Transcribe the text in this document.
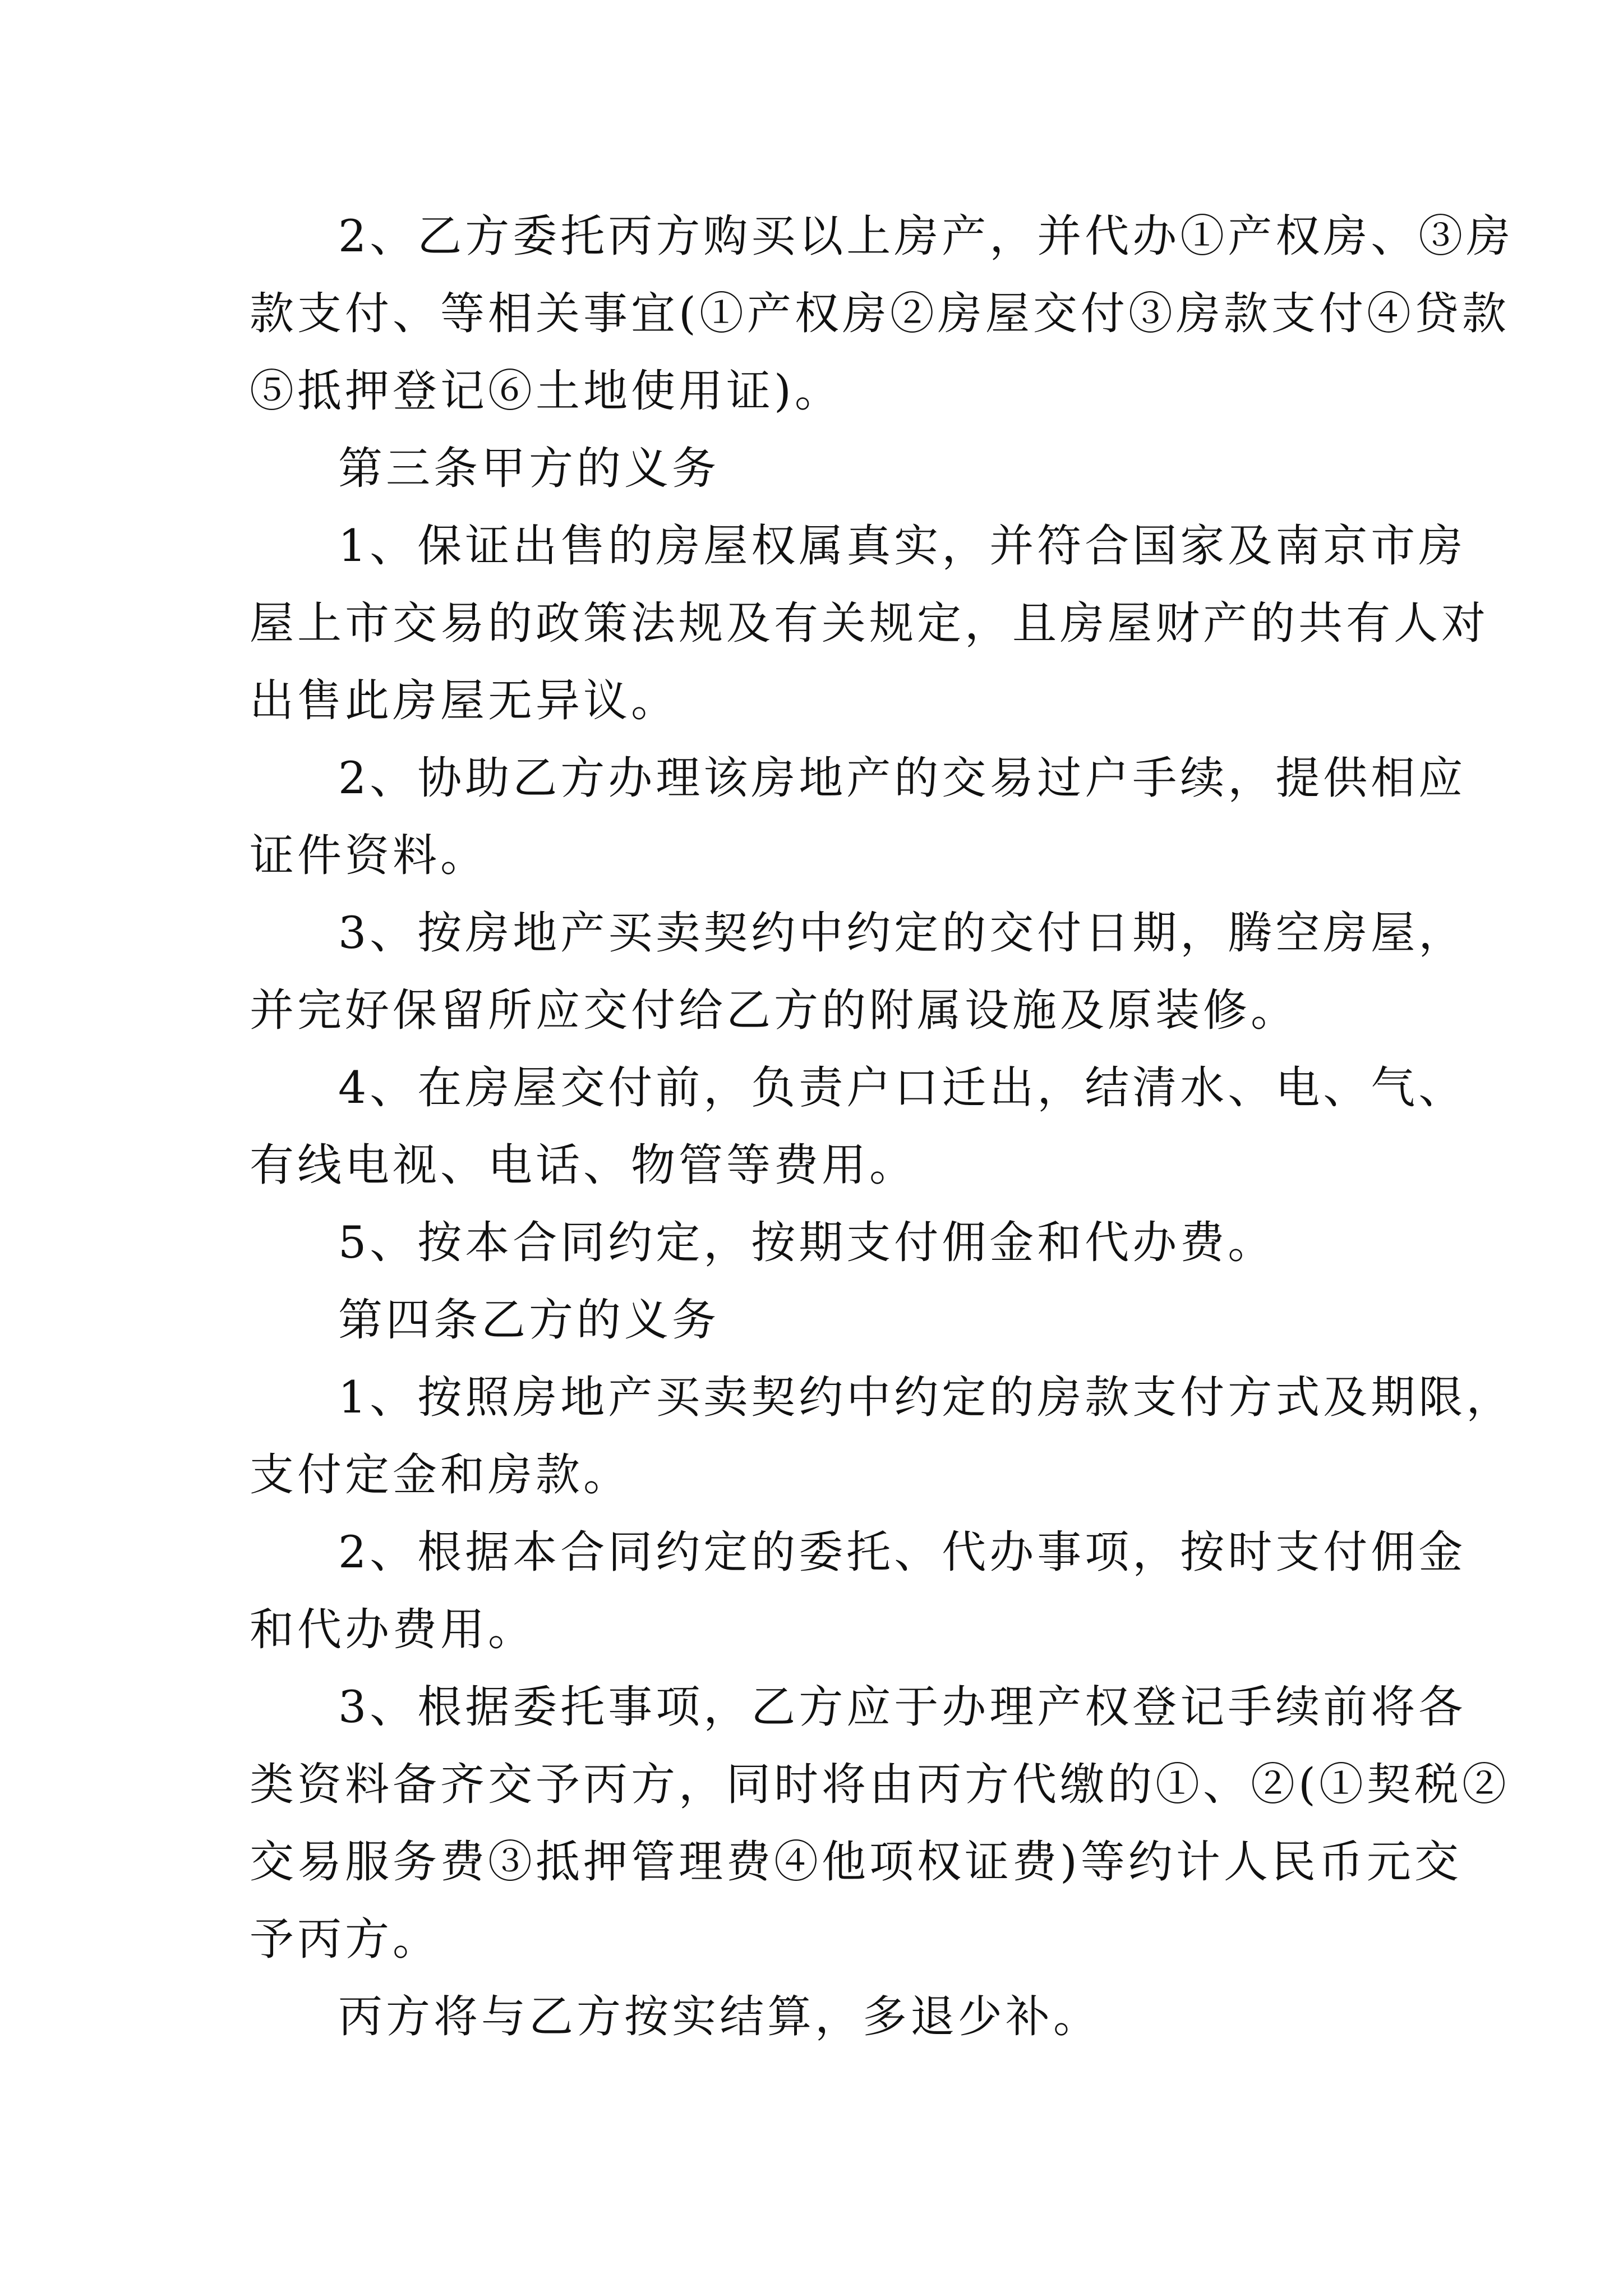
2、乙方委托丙方购买以上房产，并代办①产权房、③房
款支付、等相关事宜(①产权房②房屋交付③房款支付④贷款
⑤抵押登记⑥土地使用证)。
第三条甲方的义务
1、保证出售的房屋权属真实，并符合国家及南京市房
屋上市交易的政策法规及有关规定，且房屋财产的共有人对
出售此房屋无异议。
2、协助乙方办理该房地产的交易过户手续，提供相应
证件资料。
3、按房地产买卖契约中约定的交付日期，腾空房屋，
并完好保留所应交付给乙方的附属设施及原装修。
4、在房屋交付前，负责户口迁出，结清水、电、气、
有线电视、电话、物管等费用。
5、按本合同约定，按期支付佣金和代办费。
第四条乙方的义务
1、按照房地产买卖契约中约定的房款支付方式及期限，
支付定金和房款。
2、根据本合同约定的委托、代办事项，按时支付佣金
和代办费用。
3、根据委托事项，乙方应于办理产权登记手续前将各
类资料备齐交予丙方，同时将由丙方代缴的①、②(①契税②
交易服务费③抵押管理费④他项权证费)等约计人民币元交
予丙方。
丙方将与乙方按实结算，多退少补。
